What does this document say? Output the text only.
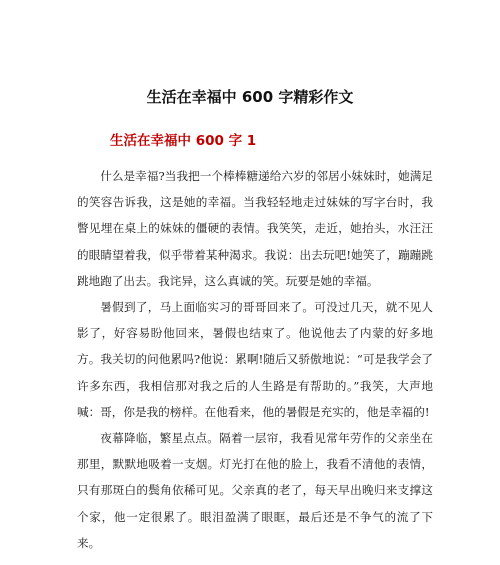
生活在幸福中 600 字精彩作文
生活在幸福中 600 字 1

什么是幸福?当我把一个棒棒糖递给六岁的邻居小妹妹时，她满足的笑容告诉我，这是她的幸福。当我轻轻地走过妹妹的写字台时，我瞥见埋在桌上的妹妹的僵硬的表情。我笑笑，走近，她抬头，水汪汪的眼睛望着我，似乎带着某种渴求。我说：出去玩吧!她笑了，蹦蹦跳跳地跑了出去。我诧异，这么真诚的笑。玩要是她的幸福。

暑假到了，马上面临实习的哥哥回来了。可没过几天，就不见人影了，好容易盼他回来，暑假也结束了。他说他去了内蒙的好多地方。我关切的问他累吗?他说：累啊!随后又骄傲地说：“可是我学会了许多东西，我相信那对我之后的人生路是有帮助的。”我笑，大声地喊：哥，你是我的榜样。在他看来，他的暑假是充实的，他是幸福的!

夜幕降临，繁星点点。隔着一层帘，我看见常年劳作的父亲坐在那里，默默地吸着一支烟。灯光打在他的脸上，我看不清他的表情，只有那斑白的鬓角依稀可见。父亲真的老了，每天早出晚归来支撑这个家，他一定很累了。眼泪盈满了眼眶，最后还是不争气的流了下来。
